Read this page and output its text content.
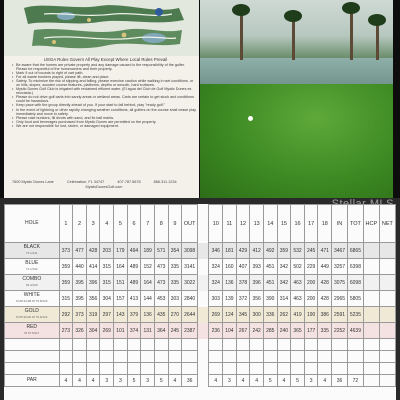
USGA Rules Govern All Play Except Where Local Rules Prevail
• Be aware that the homes are private property and any damage caused is the responsibility of the golfer. Please be respectful of the homeowners and their property.
• Mark 9 out of bounds to right of cart path.
• For all waste bunkers played, please lift, clean and place.
• Safety: To minimize the risk of slipping and falling, please exercise caution while walking in wet conditions, or on hills, slopes, wooden course features, platforms, depths or smooth, hard surfaces.
• Mystic Dunes Golf Club is irrigated with reclaimed effluent water. (El agua del Club de Golf Mystic Dunes es reciclada.)
• Please do not drive golf carts into sandy areas or wetland areas. Carts are certain to get stuck and conditions could be hazardous.
• Keep pace with the group directly ahead of you. If your start to fall behind, play "ready golf."
• In the event of lightning or other rapidly changing weather conditions, all golfers on the course shall cease play immediately and move to safety.
• Please rake bunkers, fill divots with sand, and fix ball marks.
• Only food and beverages purchased from Mystic Dunes are permitted on the property.
• We are not responsible for lost, stolen, or damaged equipment.
7600 Mystic Dunes Lane	Celebration, FL 34747	407.787.5678	866.311.1234
MysticDunesGolf.com
HOLE	1	2	3	4	5	6	7	8	9	OUT		10	11	12	13	14	15	16	17	18	IN	TOT	HCP	NET
BLACK
73.1/141	373	477	428	203	179	494	189	571	354	3098		346	181	429	412	492	359	532	245	471	3467	6865		
BLUE
71.1/132	359	440	414	315	164	489	152	473	335	3141		324	160	407	393	451	342	502	229	449	3257	6398		
COMBO
69.4/130	359	395	396	315	151	489	164	473	335	3022		324	136	378	396	451	342	463	200	428	3075	6098		
WHITE
M 68.2/128 W 75.8/133	315	395	356	304	157	413	144	453	303	2840		303	139	372	356	390	314	463	200	428	2965	5805		
GOLD
M 65.9/120 W 70.6/123	292	373	319	297	143	379	136	435	270	2644		269	124	345	300	336	262	419	190	386	2591	5235		
RED
W 67.5/117	273	326	304	269	101	374	131	364	245	2387		236	104	267	242	285	240	365	177	335	2252	4639		

PAR	4	4	4	3	3	5	3	5	4	36		4	3	4	4	5	4	5	3	4	36	72		
